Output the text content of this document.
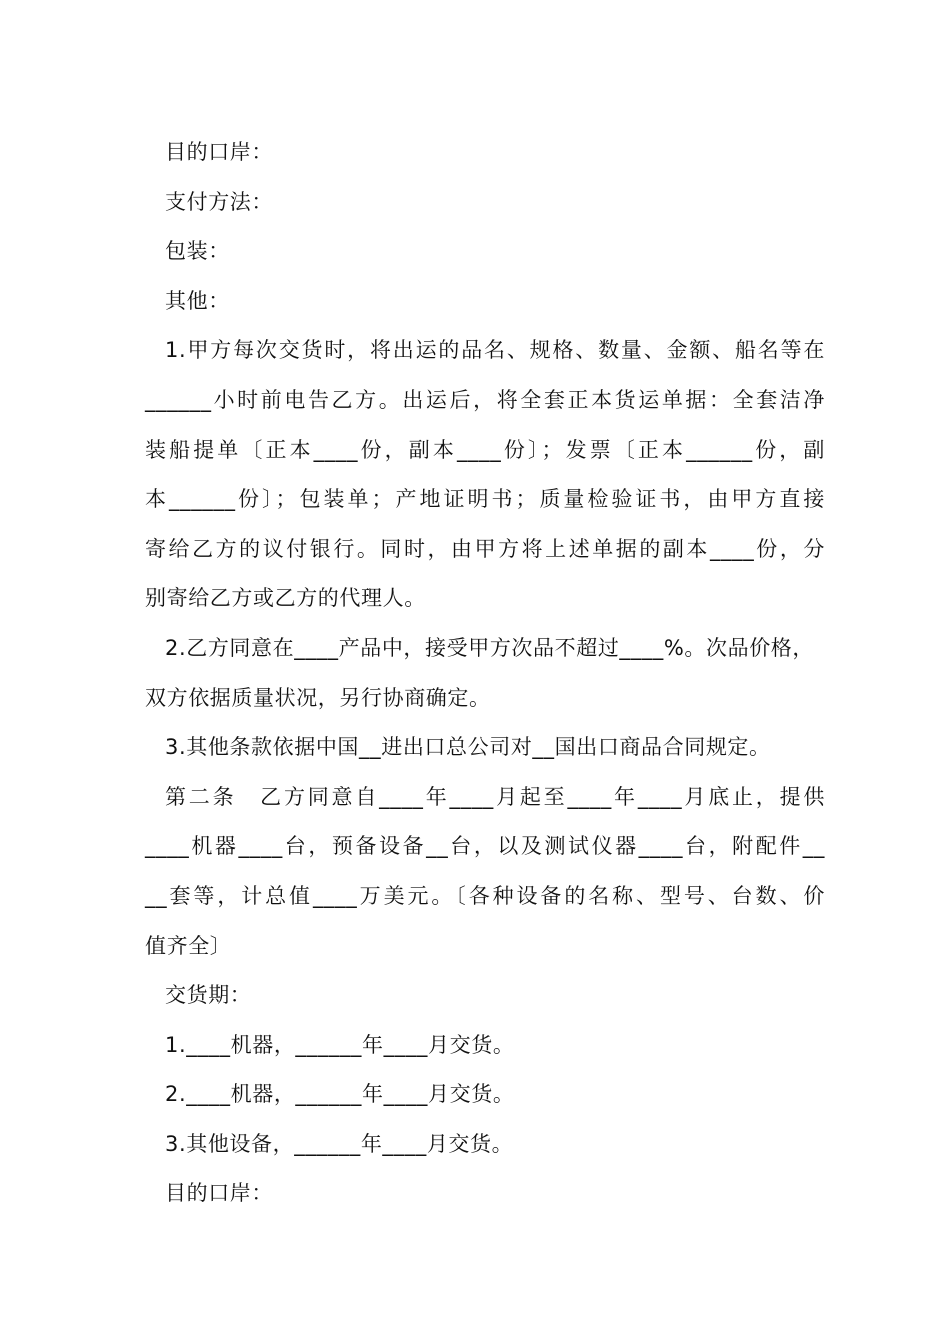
目的口岸：
支付方法：
包装：
其他：
1.甲方每次交货时，将出运的品名、规格、数量、金额、船名等在
______小时前电告乙方。出运后，将全套正本货运单据：全套洁净
装船提单〔正本____份，副本____份〕；发票〔正本______份，副
本______份〕；包装单；产地证明书；质量检验证书，由甲方直接
寄给乙方的议付银行。同时，由甲方将上述单据的副本____份，分
别寄给乙方或乙方的代理人。
2.乙方同意在____产品中，接受甲方次品不超过____%。次品价格，
双方依据质量状况，另行协商确定。
3.其他条款依据中国__进出口总公司对__国出口商品合同规定。
第二条　乙方同意自____年____月起至____年____月底止，提供
____机器____台，预备设备__台，以及测试仪器____台，附配件__
__套等，计总值____万美元。〔各种设备的名称、型号、台数、价
值齐全〕
交货期：
1.____机器，______年____月交货。
2.____机器，______年____月交货。
3.其他设备，______年____月交货。
目的口岸：
